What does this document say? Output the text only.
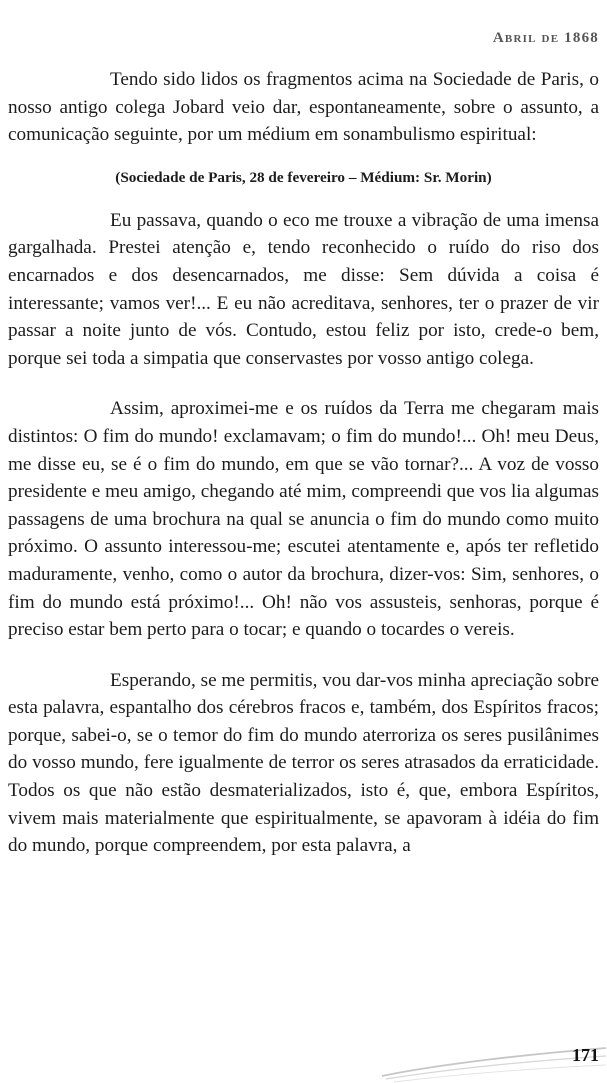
Abril de 1868

Tendo sido lidos os fragmentos acima na Sociedade de Paris, o nosso antigo colega Jobard veio dar, espontaneamente, sobre o assunto, a comunicação seguinte, por um médium em sonambulismo espiritual:

(Sociedade de Paris, 28 de fevereiro – Médium: Sr. Morin)

Eu passava, quando o eco me trouxe a vibração de uma imensa gargalhada. Prestei atenção e, tendo reconhecido o ruído do riso dos encarnados e dos desencarnados, me disse: Sem dúvida a coisa é interessante; vamos ver!... E eu não acreditava, senhores, ter o prazer de vir passar a noite junto de vós. Contudo, estou feliz por isto, crede-o bem, porque sei toda a simpatia que conservastes por vosso antigo colega.

Assim, aproximei-me e os ruídos da Terra me chegaram mais distintos: O fim do mundo! exclamavam; o fim do mundo!... Oh! meu Deus, me disse eu, se é o fim do mundo, em que se vão tornar?... A voz de vosso presidente e meu amigo, chegando até mim, compreendi que vos lia algumas passagens de uma brochura na qual se anuncia o fim do mundo como muito próximo. O assunto interessou-me; escutei atentamente e, após ter refletido maduramente, venho, como o autor da brochura, dizer-vos: Sim, senhores, o fim do mundo está próximo!... Oh! não vos assusteis, senhoras, porque é preciso estar bem perto para o tocar; e quando o tocardes o vereis.

Esperando, se me permitis, vou dar-vos minha apreciação sobre esta palavra, espantalho dos cérebros fracos e, também, dos Espíritos fracos; porque, sabei-o, se o temor do fim do mundo aterroriza os seres pusilânimes do vosso mundo, fere igualmente de terror os seres atrasados da erraticidade. Todos os que não estão desmaterializados, isto é, que, embora Espíritos, vivem mais materialmente que espiritualmente, se apavoram à idéia do fim do mundo, porque compreendem, por esta palavra, a

171
